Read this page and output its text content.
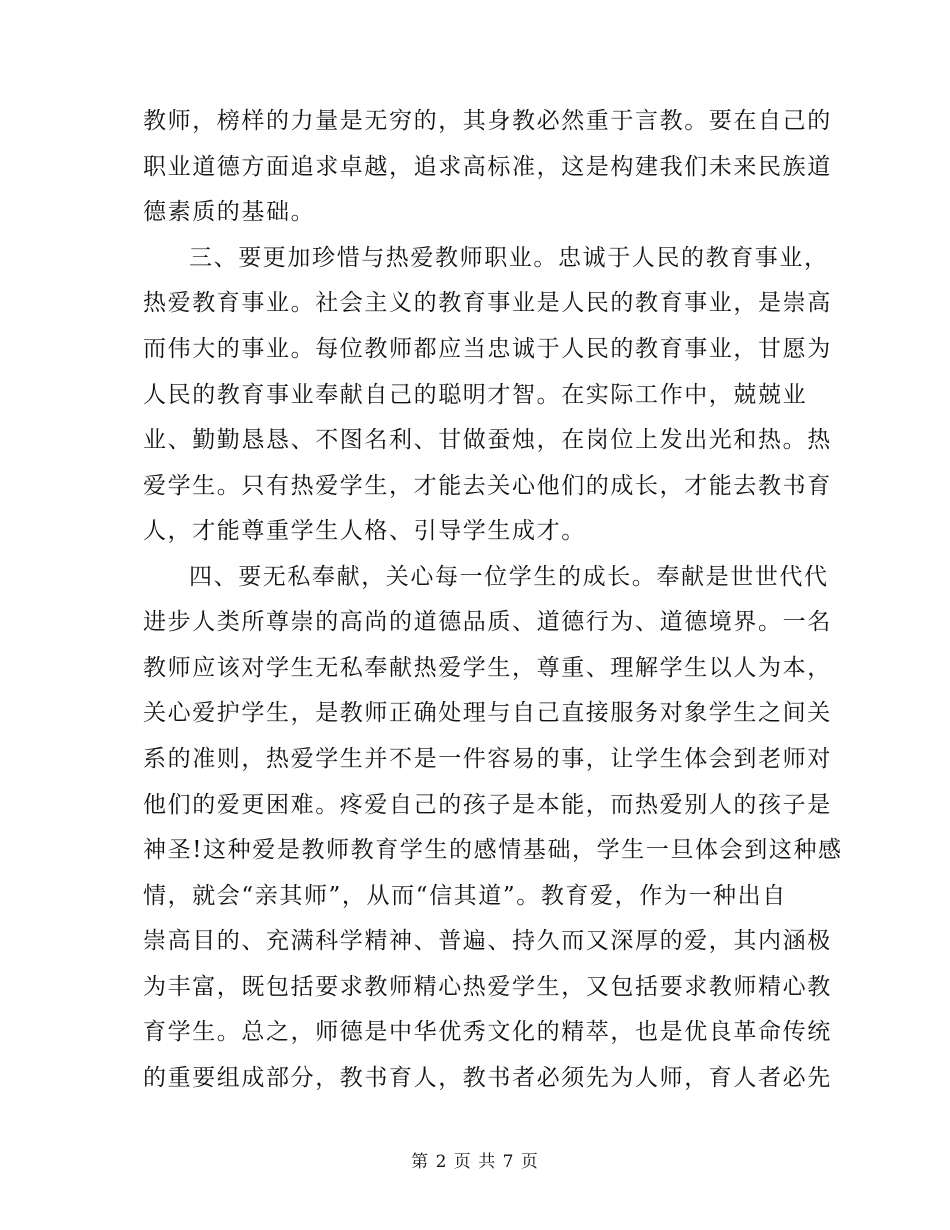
教师，榜样的力量是无穷的，其身教必然重于言教。要在自己的
职业道德方面追求卓越，追求高标准，这是构建我们未来民族道
德素质的基础。
三、要更加珍惜与热爱教师职业。忠诚于人民的教育事业，
热爱教育事业。社会主义的教育事业是人民的教育事业，是崇高
而伟大的事业。每位教师都应当忠诚于人民的教育事业，甘愿为
人民的教育事业奉献自己的聪明才智。在实际工作中，兢兢业
业、勤勤恳恳、不图名利、甘做蚕烛，在岗位上发出光和热。热
爱学生。只有热爱学生，才能去关心他们的成长，才能去教书育
人，才能尊重学生人格、引导学生成才。
四、要无私奉献，关心每一位学生的成长。奉献是世世代代
进步人类所尊崇的高尚的道德品质、道德行为、道德境界。一名
教师应该对学生无私奉献热爱学生，尊重、理解学生以人为本，
关心爱护学生，是教师正确处理与自己直接服务对象学生之间关
系的准则，热爱学生并不是一件容易的事，让学生体会到老师对
他们的爱更困难。疼爱自己的孩子是本能，而热爱别人的孩子是
神圣!这种爱是教师教育学生的感情基础，学生一旦体会到这种感
情，就会“亲其师”，从而“信其道”。教育爱，作为一种出自
崇高目的、充满科学精神、普遍、持久而又深厚的爱，其内涵极
为丰富，既包括要求教师精心热爱学生，又包括要求教师精心教
育学生。总之，师德是中华优秀文化的精萃，也是优良革命传统
的重要组成部分，教书育人，教书者必须先为人师，育人者必先
第 2 页 共 7 页
